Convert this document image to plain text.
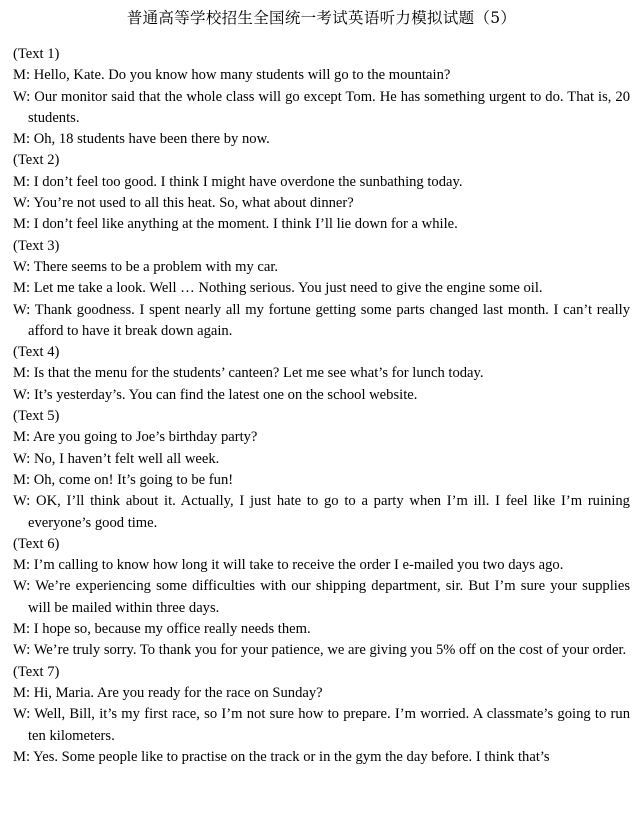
普通高等学校招生全国统一考试英语听力模拟试题（5）
(Text 1)
M: Hello, Kate. Do you know how many students will go to the mountain?
W: Our monitor said that the whole class will go except Tom. He has something urgent to do. That is, 20 students.
M: Oh, 18 students have been there by now.
(Text 2)
M: I don’t feel too good. I think I might have overdone the sunbathing today.
W: You’re not used to all this heat. So, what about dinner?
M: I don’t feel like anything at the moment. I think I’ll lie down for a while.
(Text 3)
W: There seems to be a problem with my car.
M: Let me take a look. Well … Nothing serious. You just need to give the engine some oil.
W: Thank goodness. I spent nearly all my fortune getting some parts changed last month. I can’t really afford to have it break down again.
(Text 4)
M: Is that the menu for the students’ canteen? Let me see what’s for lunch today.
W: It’s yesterday’s. You can find the latest one on the school website.
(Text 5)
M: Are you going to Joe’s birthday party?
W: No, I haven’t felt well all week.
M: Oh, come on! It’s going to be fun!
W: OK, I’ll think about it. Actually, I just hate to go to a party when I’m ill. I feel like I’m ruining everyone’s good time.
(Text 6)
M: I’m calling to know how long it will take to receive the order I e-mailed you two days ago.
W: We’re experiencing some difficulties with our shipping department, sir. But I’m sure your supplies will be mailed within three days.
M: I hope so, because my office really needs them.
W: We’re truly sorry. To thank you for your patience, we are giving you 5% off on the cost of your order.
(Text 7)
M: Hi, Maria. Are you ready for the race on Sunday?
W: Well, Bill, it’s my first race, so I’m not sure how to prepare. I’m worried. A classmate’s going to run ten kilometers.
M: Yes. Some people like to practise on the track or in the gym the day before. I think that’s
